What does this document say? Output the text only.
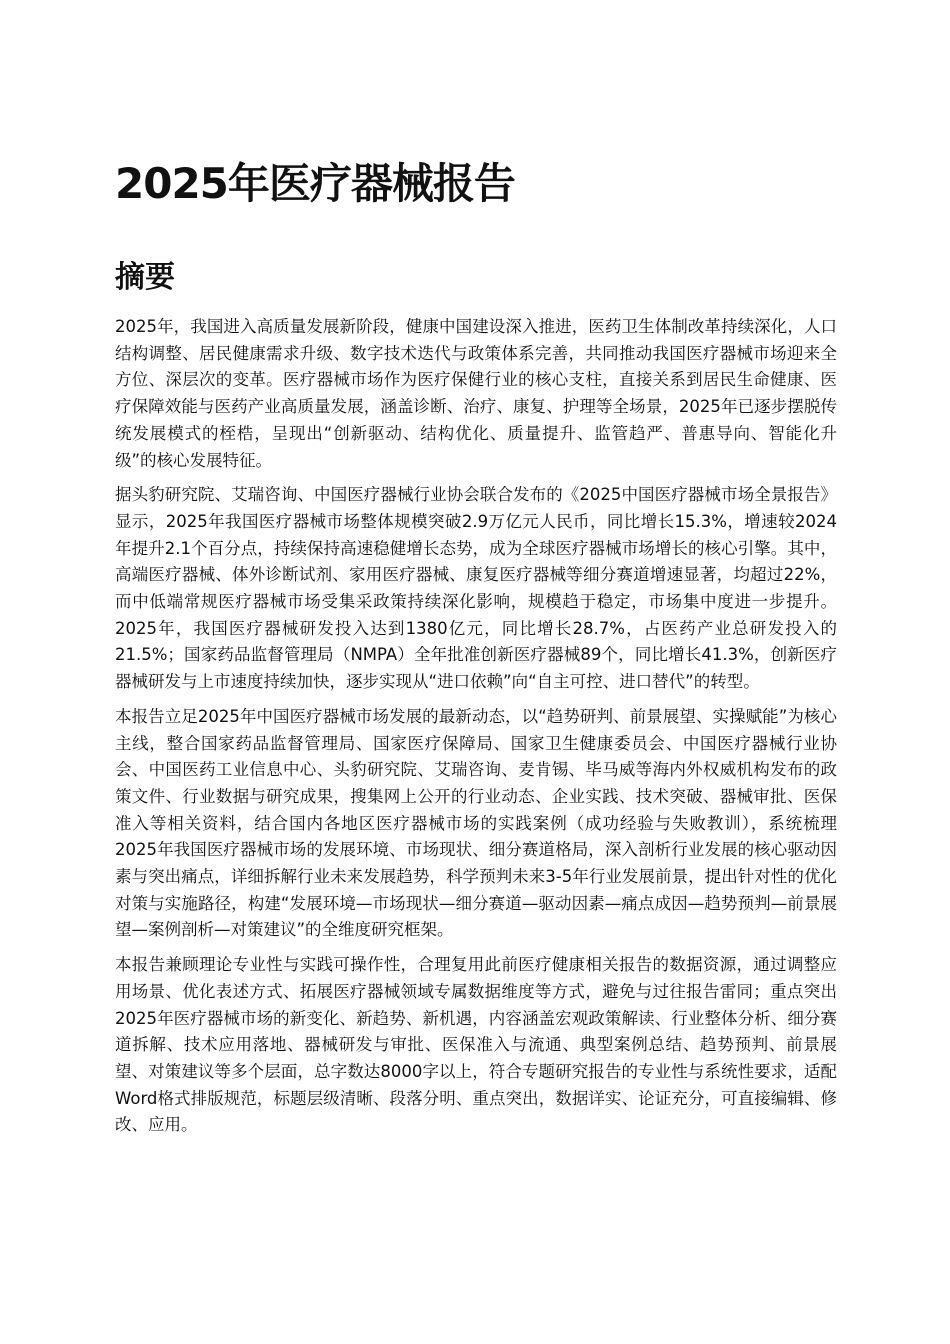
2025年医疗器械报告
摘要

2025年，我国进入高质量发展新阶段，健康中国建设深入推进，医药卫生体制改革持续深化，人口结构调整、居民健康需求升级、数字技术迭代与政策体系完善，共同推动我国医疗器械市场迎来全方位、深层次的变革。医疗器械市场作为医疗保健行业的核心支柱，直接关系到居民生命健康、医疗保障效能与医药产业高质量发展，涵盖诊断、治疗、康复、护理等全场景，2025年已逐步摆脱传统发展模式的桎梏，呈现出“创新驱动、结构优化、质量提升、监管趋严、普惠导向、智能化升级”的核心发展特征。

据头豹研究院、艾瑞咨询、中国医疗器械行业协会联合发布的《2025中国医疗器械市场全景报告》显示，2025年我国医疗器械市场整体规模突破2.9万亿元人民币，同比增长15.3%，增速较2024年提升2.1个百分点，持续保持高速稳健增长态势，成为全球医疗器械市场增长的核心引擎。其中，高端医疗器械、体外诊断试剂、家用医疗器械、康复医疗器械等细分赛道增速显著，均超过22%，而中低端常规医疗器械市场受集采政策持续深化影响，规模趋于稳定，市场集中度进一步提升。2025年，我国医疗器械研发投入达到1380亿元，同比增长28.7%，占医药产业总研发投入的21.5%；国家药品监督管理局（NMPA）全年批准创新医疗器械89个，同比增长41.3%，创新医疗器械研发与上市速度持续加快，逐步实现从“进口依赖”向“自主可控、进口替代”的转型。

本报告立足2025年中国医疗器械市场发展的最新动态，以“趋势研判、前景展望、实操赋能”为核心主线，整合国家药品监督管理局、国家医疗保障局、国家卫生健康委员会、中国医疗器械行业协会、中国医药工业信息中心、头豹研究院、艾瑞咨询、麦肯锡、毕马威等海内外权威机构发布的政策文件、行业数据与研究成果，搜集网上公开的行业动态、企业实践、技术突破、器械审批、医保准入等相关资料，结合国内各地区医疗器械市场的实践案例（成功经验与失败教训），系统梳理2025年我国医疗器械市场的发展环境、市场现状、细分赛道格局，深入剖析行业发展的核心驱动因素与突出痛点，详细拆解行业未来发展趋势，科学预判未来3-5年行业发展前景，提出针对性的优化对策与实施路径，构建“发展环境—市场现状—细分赛道—驱动因素—痛点成因—趋势预判—前景展望—案例剖析—对策建议”的全维度研究框架。

本报告兼顾理论专业性与实践可操作性，合理复用此前医疗健康相关报告的数据资源，通过调整应用场景、优化表述方式、拓展医疗器械领域专属数据维度等方式，避免与过往报告雷同；重点突出2025年医疗器械市场的新变化、新趋势、新机遇，内容涵盖宏观政策解读、行业整体分析、细分赛道拆解、技术应用落地、器械研发与审批、医保准入与流通、典型案例总结、趋势预判、前景展望、对策建议等多个层面，总字数达8000字以上，符合专题研究报告的专业性与系统性要求，适配Word格式排版规范，标题层级清晰、段落分明、重点突出，数据详实、论证充分，可直接编辑、修改、应用。
